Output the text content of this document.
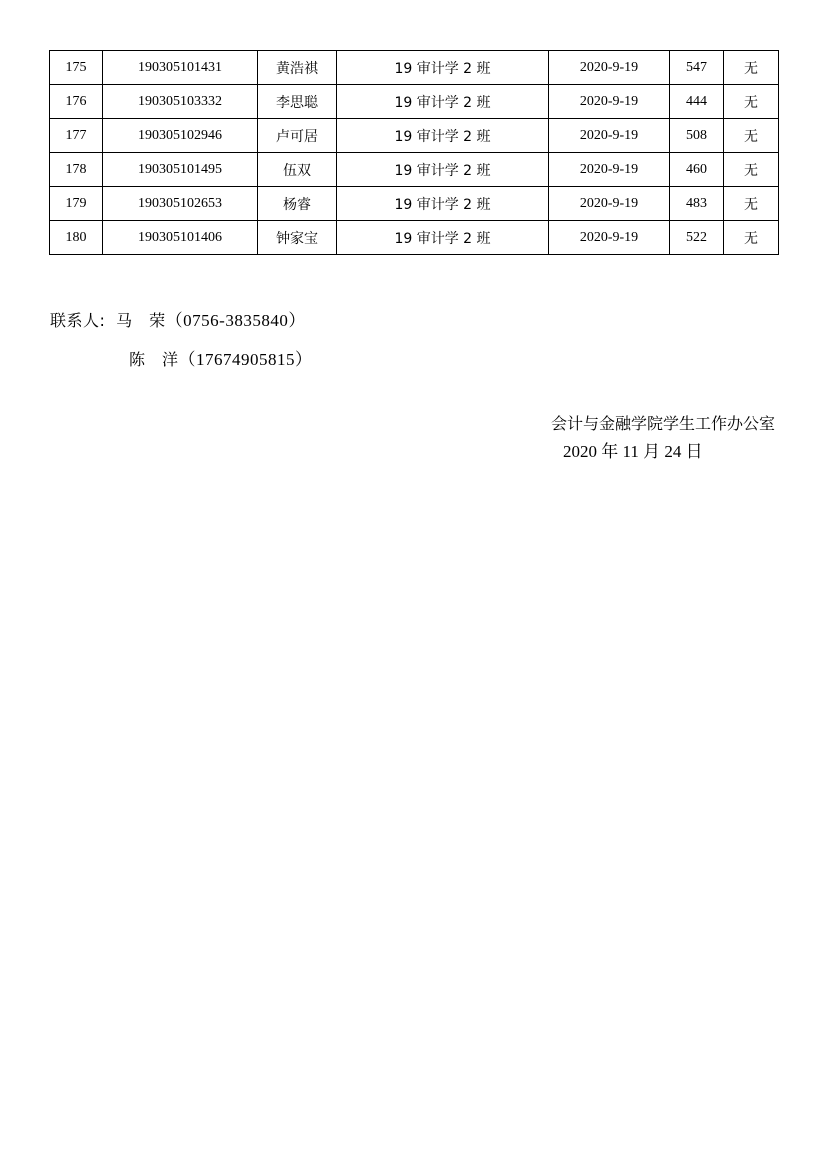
175	190305101431	黄浩祺	19 审计学 2 班	2020-9-19	547	无
176	190305103332	李思聪	19 审计学 2 班	2020-9-19	444	无
177	190305102946	卢可居	19 审计学 2 班	2020-9-19	508	无
178	190305101495	伍双	19 审计学 2 班	2020-9-19	460	无
179	190305102653	杨睿	19 审计学 2 班	2020-9-19	483	无
180	190305101406	钟家宝	19 审计学 2 班	2020-9-19	522	无
联系人: 马　荣（0756-3835840）
陈　洋（17674905815）
会计与金融学院学生工作办公室
2020 年 11 月 24 日
